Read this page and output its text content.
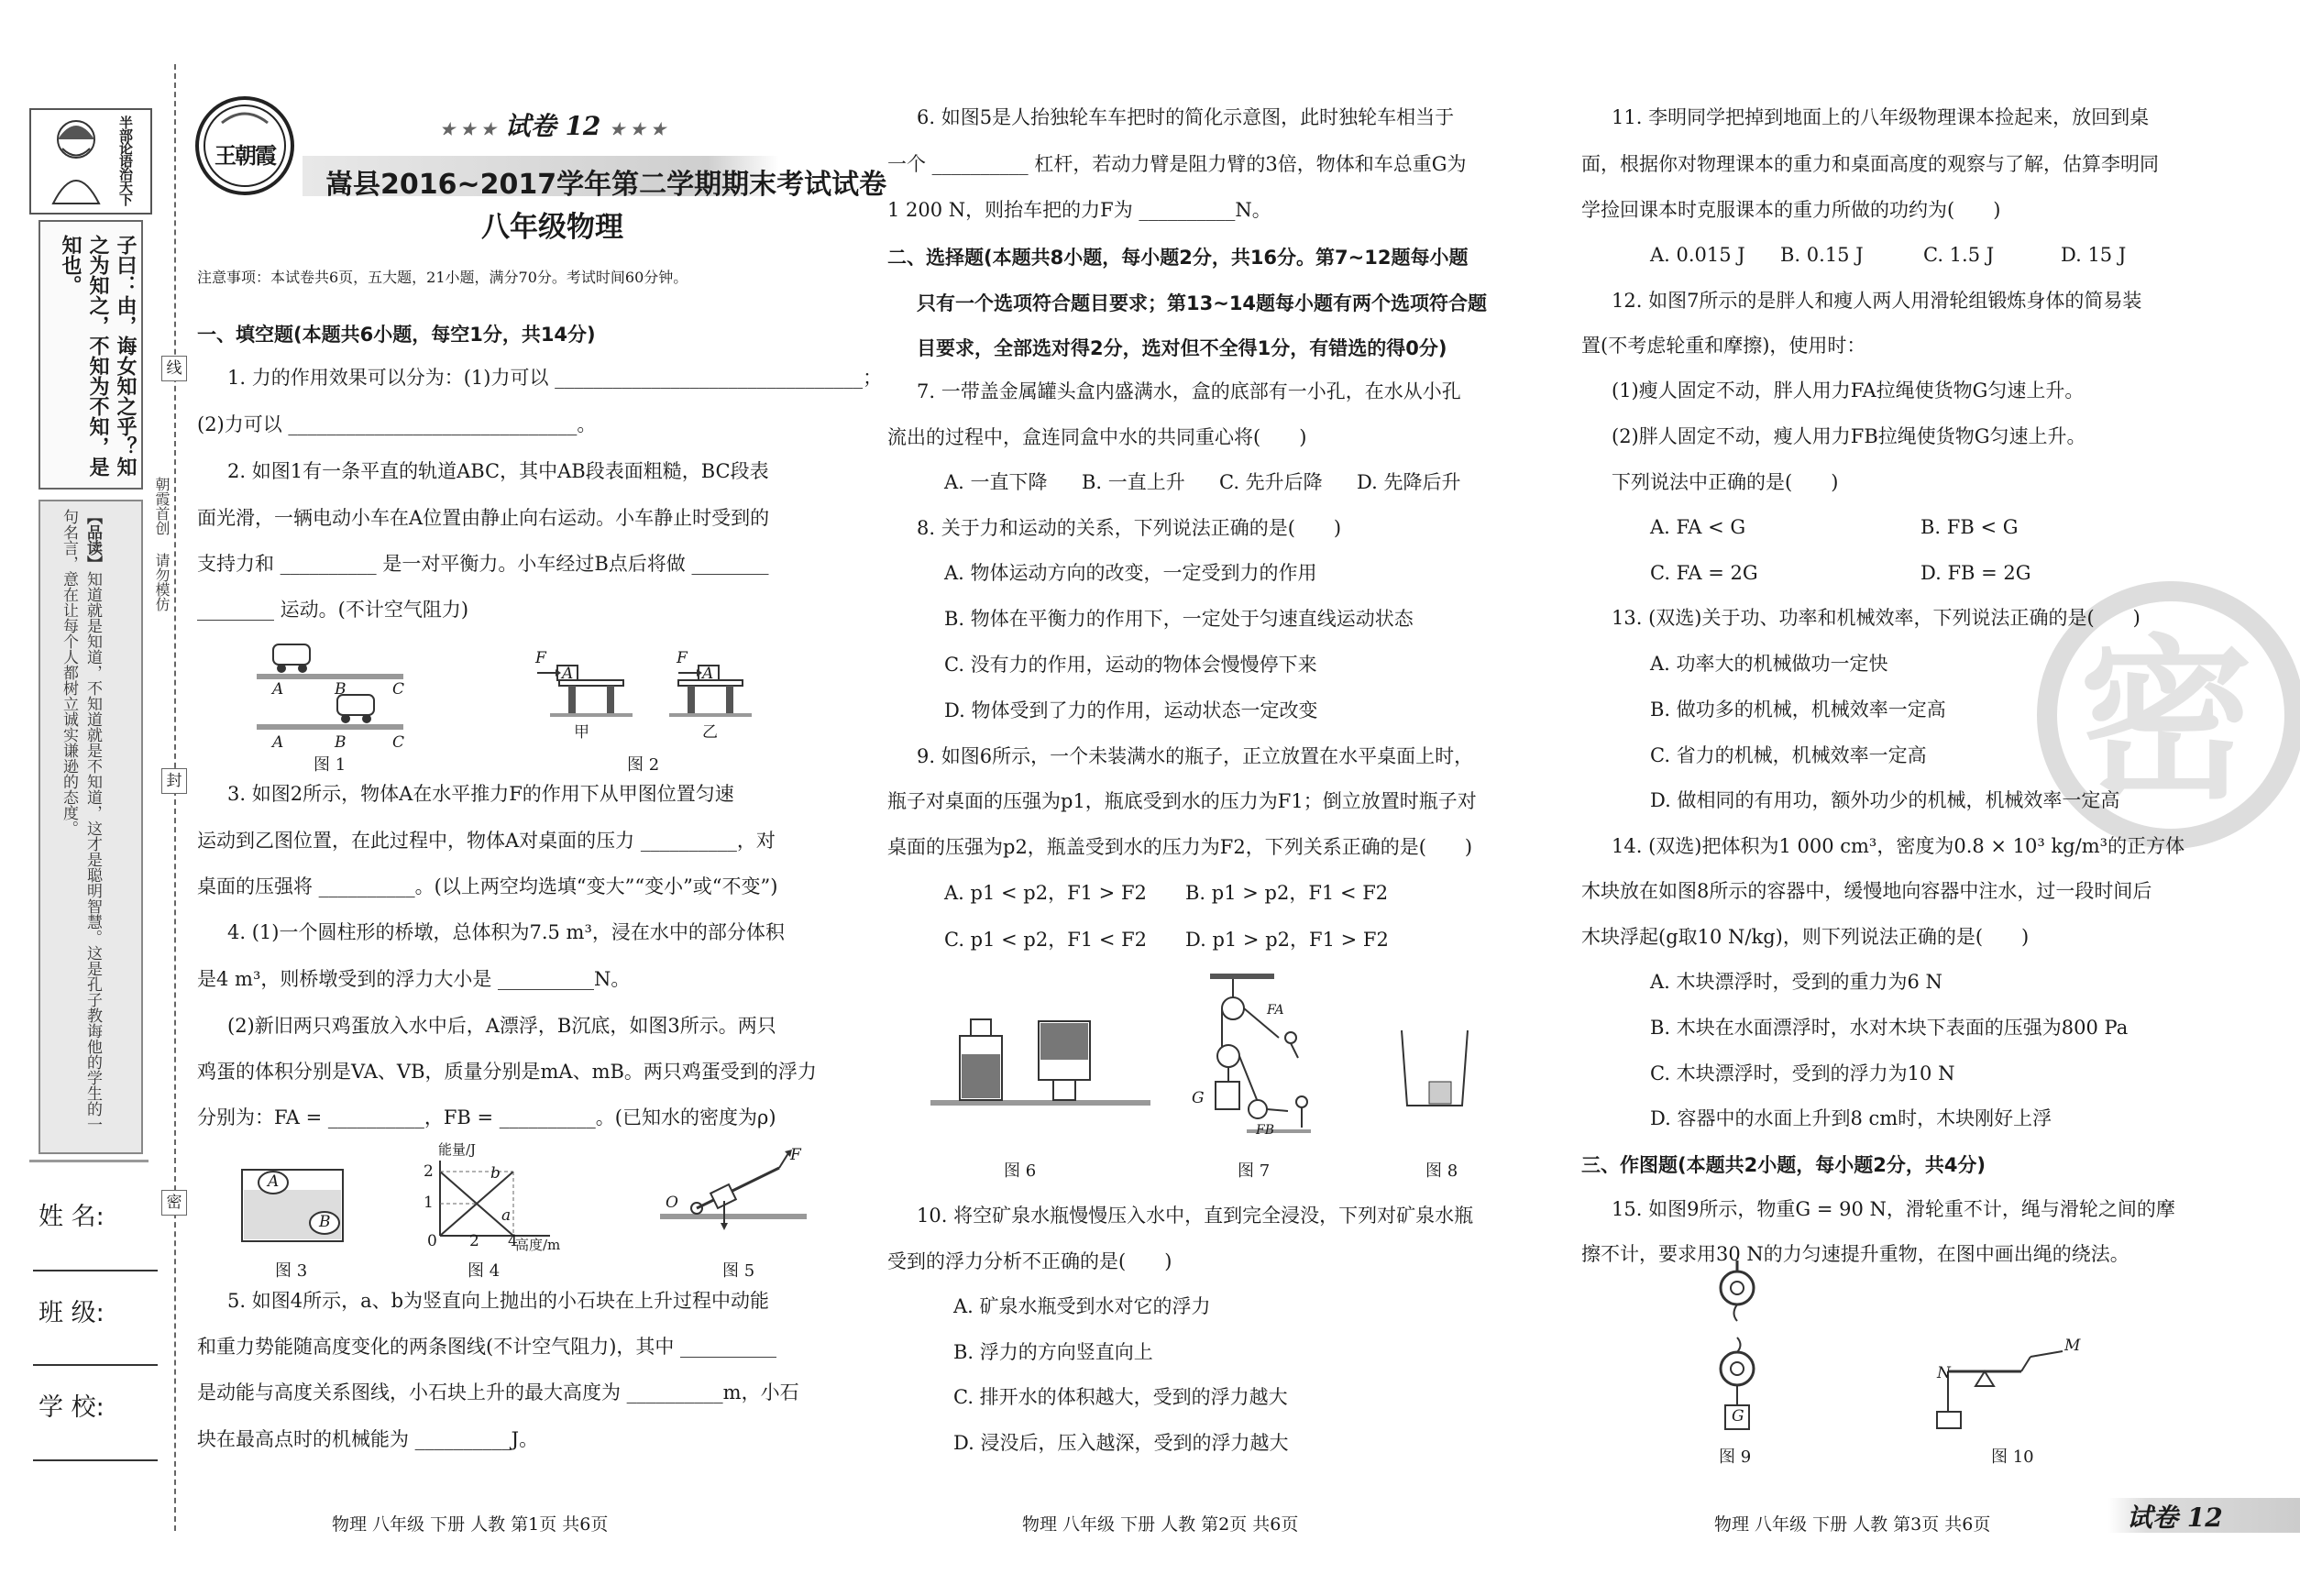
半部论语治天下
子曰：由，诲女知之乎？知之为知之，不知为不知，是知也。
【品读】知道就是知道，不知道就是不知道，这才是聪明智慧。这是孔子教诲他的学生的一句名言，意在让每个人都树立诚实谦逊的态度。
姓 名:
班 级:
学 校:
线
封
密
朝霞首创 请勿模仿
王朝霞
★ ★ ★ 试卷 12 ★ ★ ★
嵩县2016~2017学年第二学期期末考试试卷
八年级物理
注意事项：本试卷共6页，五大题，21小题，满分70分。考试时间60分钟。
一、填空题(本题共6小题，每空1分，共14分)
1. 力的作用效果可以分为：(1)力可以 ________________________________；
(2)力可以 ______________________________。
2. 如图1有一条平直的轨道ABC，其中AB段表面粗糙，BC段表
面光滑，一辆电动小车在A位置由静止向右运动。小车静止时受到的
支持力和 __________ 是一对平衡力。小车经过B点后将做 ________
________ 运动。(不计空气阻力)
A	B	C
A	B	C
图 1
F
A
F
A
甲	乙
图 2
3. 如图2所示，物体A在水平推力F的作用下从甲图位置匀速
运动到乙图位置，在此过程中，物体A对桌面的压力 __________，对
桌面的压强将 __________。(以上两空均选填“变大”“变小”或“不变”)
4. (1)一个圆柱形的桥墩，总体积为7.5 m³，浸在水中的部分体积
是4 m³，则桥墩受到的浮力大小是 __________N。
(2)新旧两只鸡蛋放入水中后，A漂浮，B沉底，如图3所示。两只
鸡蛋的体积分别是VA、VB，质量分别是mA、mB。两只鸡蛋受到的浮力
分别为：FA = __________，FB = __________。(已知水的密度为ρ)
A
B
图 3
能量/J
高度/m
b
a
0 2 4
2
1
图 4
O
F
图 5
5. 如图4所示，a、b为竖直向上抛出的小石块在上升过程中动能
和重力势能随高度变化的两条图线(不计空气阻力)，其中 __________
是动能与高度关系图线，小石块上升的最大高度为 __________m，小石
块在最高点时的机械能为 __________J。
物理 八年级 下册 人教 第1页 共6页
6. 如图5是人抬独轮车车把时的简化示意图，此时独轮车相当于
一个 __________ 杠杆，若动力臂是阻力臂的3倍，物体和车总重G为
1 200 N，则抬车把的力F为 __________N。
二、选择题(本题共8小题，每小题2分，共16分。第7~12题每小题
只有一个选项符合题目要求；第13~14题每小题有两个选项符合题
目要求，全部选对得2分，选对但不全得1分，有错选的得0分)
7. 一带盖金属罐头盒内盛满水，盒的底部有一小孔，在水从小孔
流出的过程中，盒连同盒中水的共同重心将(　　)
A. 一直下降 B. 一直上升 C. 先升后降 D. 先降后升
8. 关于力和运动的关系，下列说法正确的是(　　)
A. 物体运动方向的改变，一定受到力的作用
B. 物体在平衡力的作用下，一定处于匀速直线运动状态
C. 没有力的作用，运动的物体会慢慢停下来
D. 物体受到了力的作用，运动状态一定改变
9. 如图6所示，一个未装满水的瓶子，正立放置在水平桌面上时，
瓶子对桌面的压强为p1，瓶底受到水的压力为F1；倒立放置时瓶子对
桌面的压强为p2，瓶盖受到水的压力为F2，下列关系正确的是(　　)
A. p1 < p2，F1 > F2 B. p1 > p2，F1 < F2
C. p1 < p2，F1 < F2 D. p1 > p2，F1 > F2
图 6
FA
G
FB
图 7	图 8
10. 将空矿泉水瓶慢慢压入水中，直到完全浸没，下列对矿泉水瓶
受到的浮力分析不正确的是(　　)
A. 矿泉水瓶受到水对它的浮力
B. 浮力的方向竖直向上
C. 排开水的体积越大，受到的浮力越大
D. 浸没后，压入越深，受到的浮力越大
物理 八年级 下册 人教 第2页 共6页
密
11. 李明同学把掉到地面上的八年级物理课本捡起来，放回到桌
面，根据你对物理课本的重力和桌面高度的观察与了解，估算李明同
学捡回课本时克服课本的重力所做的功约为(　　)
A. 0.015 J B. 0.15 J	C. 1.5 J	D. 15 J
12. 如图7所示的是胖人和瘦人两人用滑轮组锻炼身体的简易装
置(不考虑轮重和摩擦)，使用时：
(1)瘦人固定不动，胖人用力FA拉绳使货物G匀速上升。
(2)胖人固定不动，瘦人用力FB拉绳使货物G匀速上升。
下列说法中正确的是(　　)
A. FA < G	B. FB < G
C. FA = 2G	D. FB = 2G
13. (双选)关于功、功率和机械效率，下列说法正确的是(　　)
A. 功率大的机械做功一定快
B. 做功多的机械，机械效率一定高
C. 省力的机械，机械效率一定高
D. 做相同的有用功，额外功少的机械，机械效率一定高
14. (双选)把体积为1 000 cm³，密度为0.8 × 10³ kg/m³的正方体
木块放在如图8所示的容器中，缓慢地向容器中注水，过一段时间后
木块浮起(g取10 N/kg)，则下列说法正确的是(　　)
A. 木块漂浮时，受到的重力为6 N
B. 木块在水面漂浮时，水对木块下表面的压强为800 Pa
C. 木块漂浮时，受到的浮力为10 N
D. 容器中的水面上升到8 cm时，木块刚好上浮
三、作图题(本题共2小题，每小题2分，共4分)
15. 如图9所示，物重G = 90 N，滑轮重不计，绳与滑轮之间的摩
擦不计，要求用30 N的力匀速提升重物，在图中画出绳的绕法。
G
图 9
N
M
图 10
物理 八年级 下册 人教 第3页 共6页	试卷 12
